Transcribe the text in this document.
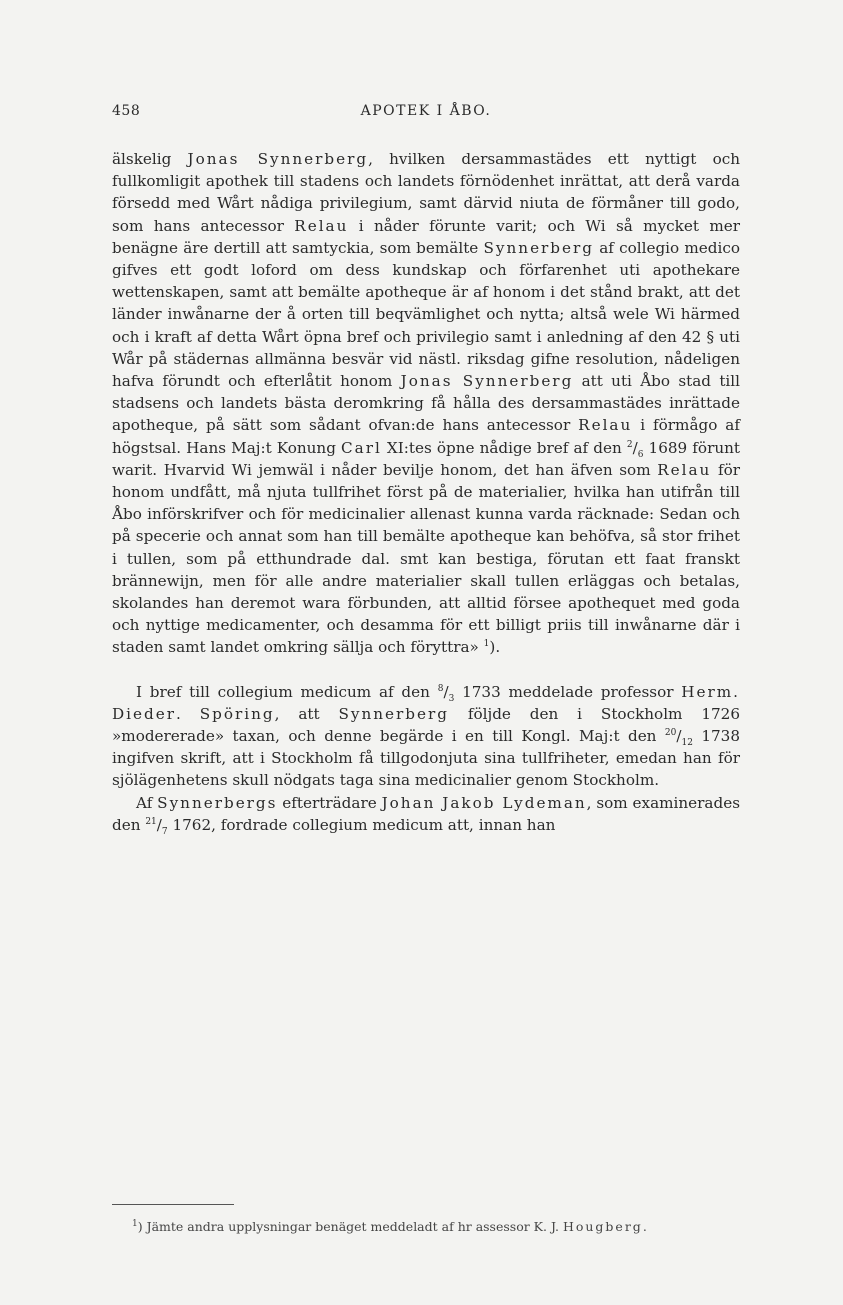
458	APOTEK I ÅBO.

älskelig Jonas Synnerberg, hvilken dersammastädes ett nyttigt och fullkomligit apothek till stadens och landets förnödenhet inrättat, att derå varda försedd med Wårt nådiga privilegium, samt därvid niuta de förmåner till godo, som hans antecessor Relau i nåder förunte varit; och Wi så mycket mer benägne äre dertill att samtyckia, som bemälte Synnerberg af collegio medico gifves ett godt loford om dess kundskap och förfarenhet uti apothekare wettenskapen, samt att bemälte apotheque är af honom i det stånd brakt, att det länder inwånarne der å orten till beqvämlighet och nytta; altså wele Wi härmed och i kraft af detta Wårt öpna bref och privilegio samt i anledning af den 42 § uti Wår på städernas allmänna besvär vid nästl. riksdag gifne resolution, nådeligen hafva förundt och efterlåtit honom Jonas Synnerberg att uti Åbo stad till stadsens och landets bästa deromkring få hålla des dersammastädes inrättade apotheque, på sätt som sådant ofvan:de hans antecessor Relau i förmågo af högstsal. Hans Maj:t Konung Carl XI:tes öpne nådige bref af den $^2/_6$ 1689 förunt warit. Hvarvid Wi jemwäl i nåder bevilje honom, det han äfven som Relau för honom undfått, må njuta tullfrihet först på de materialier, hvilka han utifrån till Åbo införskrifver och för medicinalier allenast kunna varda räcknade: Sedan och på specerie och annat som han till bemälte apotheque kan behöfva, så stor frihet i tullen, som på etthundrade dal. smt kan bestiga, förutan ett faat franskt brännewijn, men för alle andre materialier skall tullen erläggas och betalas, skolandes han deremot wara förbunden, att alltid försee apothequet med goda och nyttige medicamenter, och desamma för ett billigt priis till inwånarne där i staden samt landet omkring sällja och föryttra» $^1$).

I bref till collegium medicum af den $^8/_3$ 1733 meddelade professor Herm. Dieder. Spöring, att Synnerberg följde den i Stockholm 1726 »modererade» taxan, och denne begärde i en till Kongl. Maj:t den $^{20}/_{12}$ 1738 ingifven skrift, att i Stockholm få tillgodonjuta sina tullfriheter, emedan han för sjölägenhetens skull nödgats taga sina medicinalier genom Stockholm.

Af Synnerbergs efterträdare Johan Jakob Lydeman, som examinerades den $^{21}/_7$ 1762, fordrade collegium medicum att, innan han

$^1$) Jämte andra upplysningar benäget meddeladt af hr assessor K. J. Hougberg.
